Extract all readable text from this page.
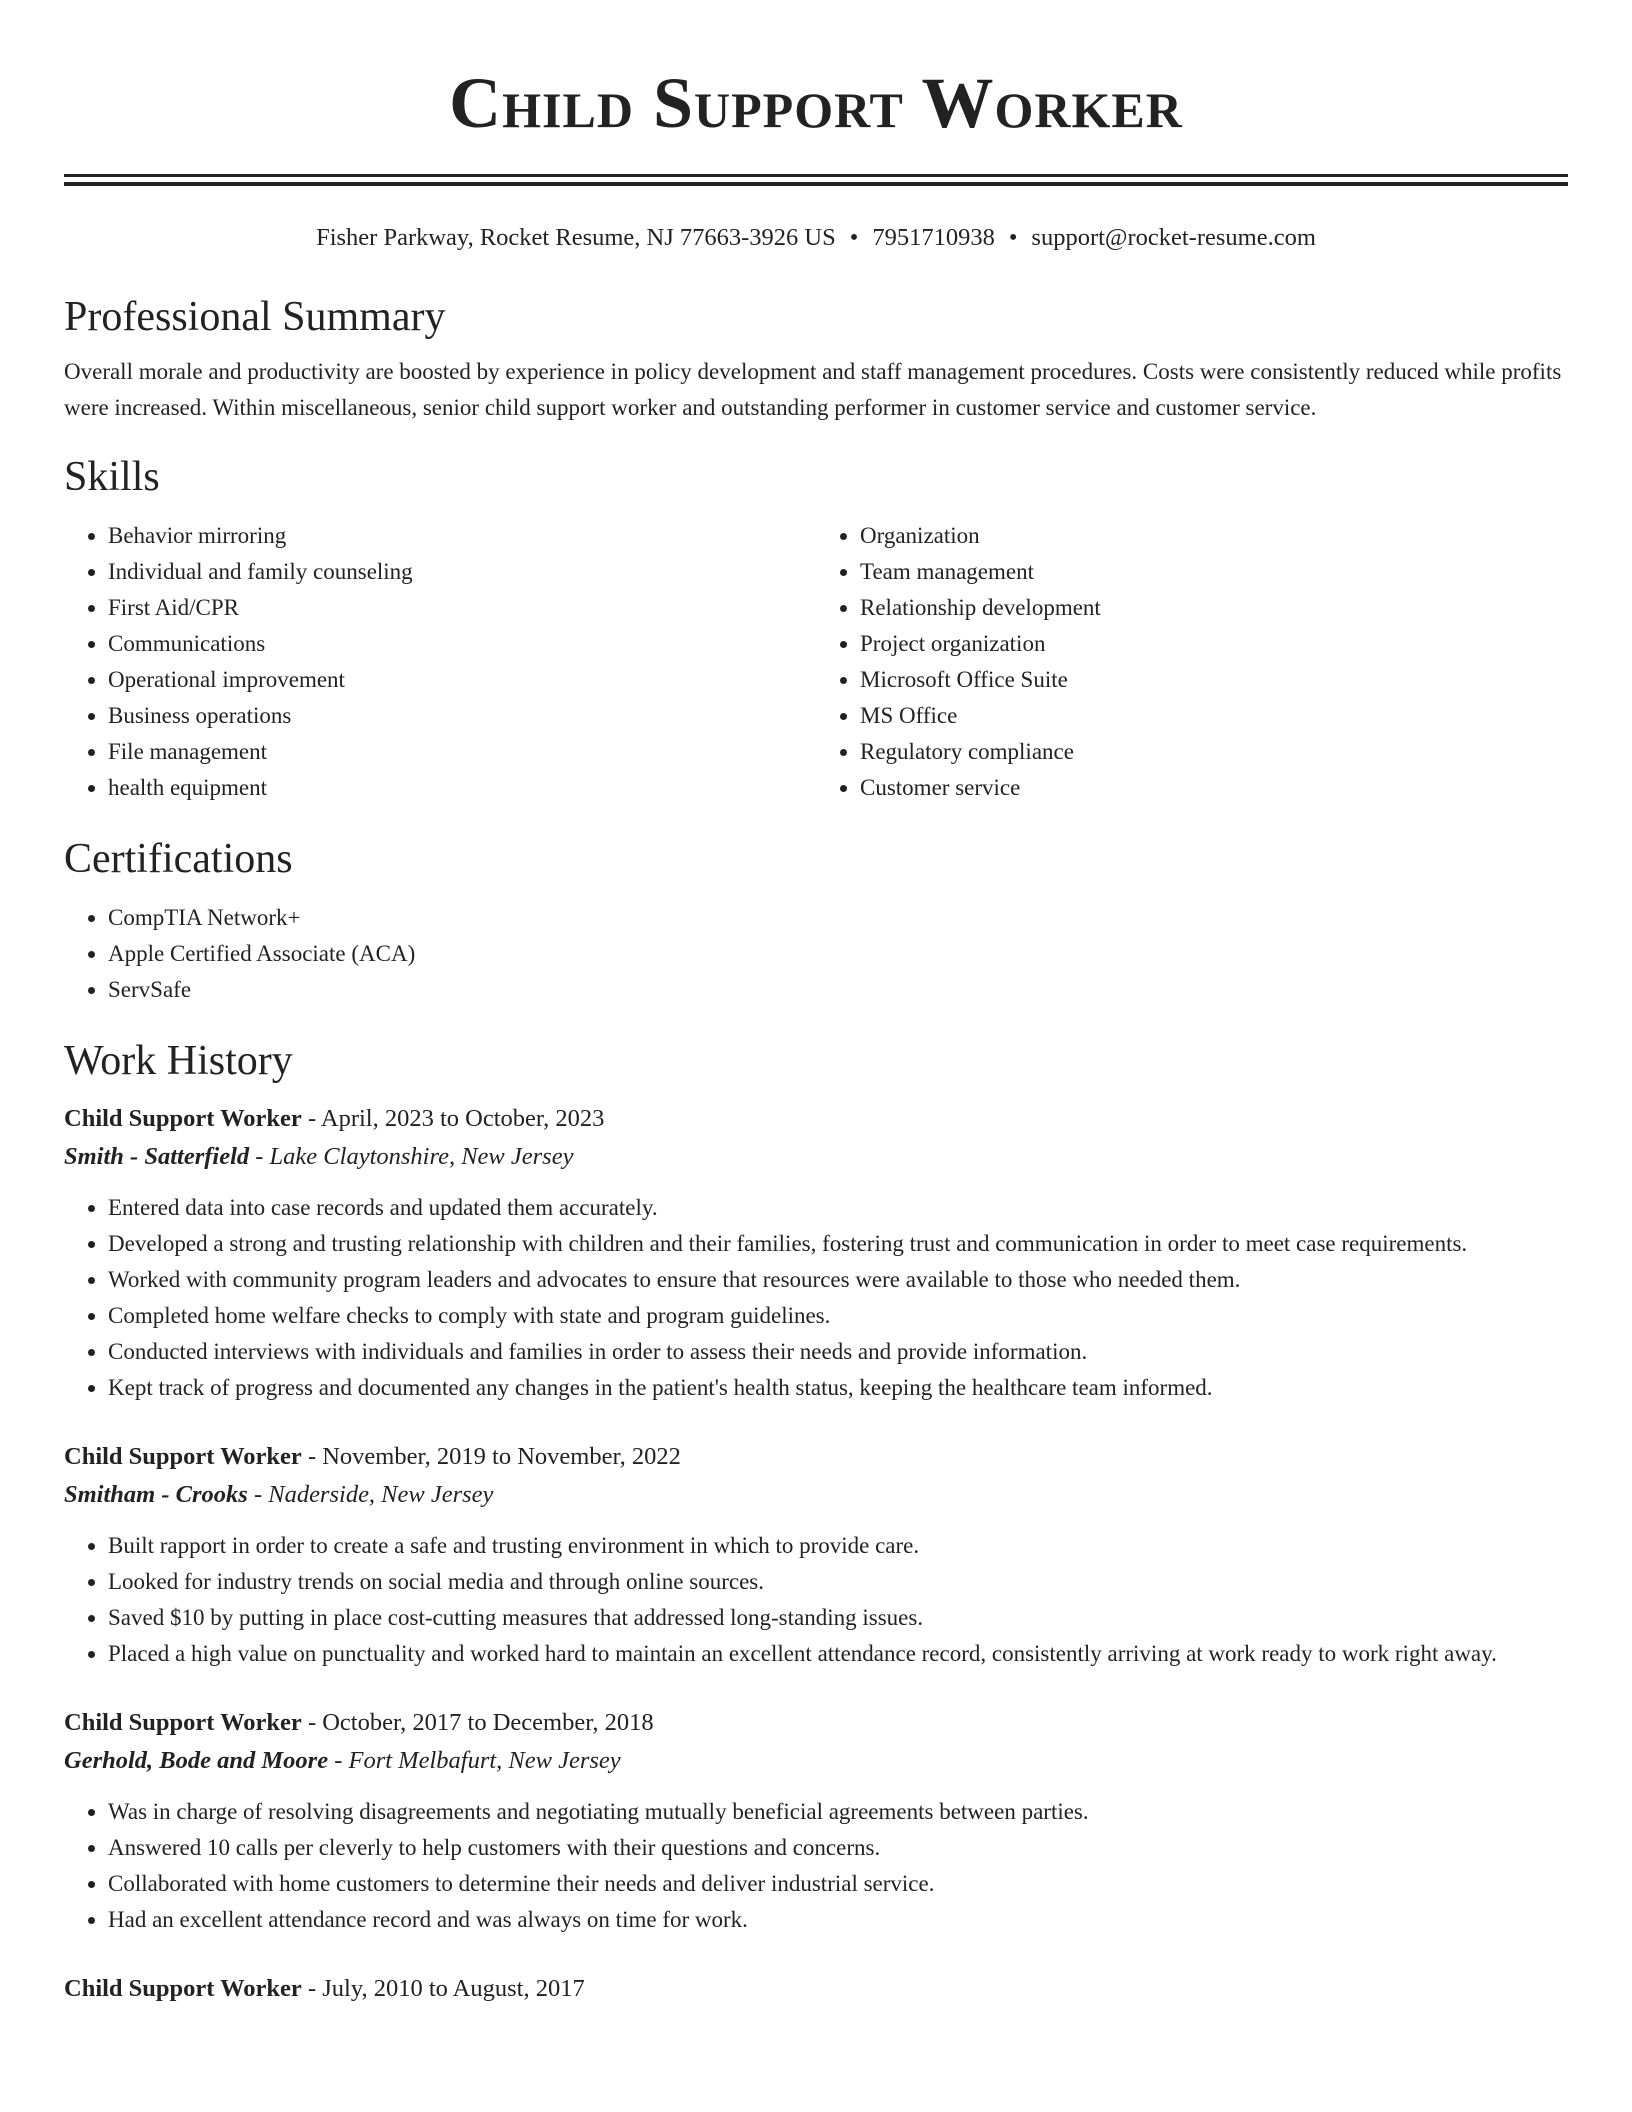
Child Support Worker
Fisher Parkway, Rocket Resume, NJ 77663-3926 US • 7951710938 • support@rocket-resume.com
Professional Summary

Overall morale and productivity are boosted by experience in policy development and staff management procedures. Costs were consistently reduced while profits were increased. Within miscellaneous, senior child support worker and outstanding performer in customer service and customer service.

Skills
• Behavior mirroring
• Individual and family counseling
• First Aid/CPR
• Communications
• Operational improvement
• Business operations
• File management
• health equipment
• Organization
• Team management
• Relationship development
• Project organization
• Microsoft Office Suite
• MS Office
• Regulatory compliance
• Customer service
Certifications
• CompTIA Network+
• Apple Certified Associate (ACA)
• ServSafe
Work History
Child Support Worker - April, 2023 to October, 2023
Smith - Satterfield - Lake Claytonshire, New Jersey
• Entered data into case records and updated them accurately.
• Developed a strong and trusting relationship with children and their families, fostering trust and communication in order to meet case requirements.
• Worked with community program leaders and advocates to ensure that resources were available to those who needed them.
• Completed home welfare checks to comply with state and program guidelines.
• Conducted interviews with individuals and families in order to assess their needs and provide information.
• Kept track of progress and documented any changes in the patient's health status, keeping the healthcare team informed.
Child Support Worker - November, 2019 to November, 2022
Smitham - Crooks - Naderside, New Jersey
• Built rapport in order to create a safe and trusting environment in which to provide care.
• Looked for industry trends on social media and through online sources.
• Saved $10 by putting in place cost-cutting measures that addressed long-standing issues.
• Placed a high value on punctuality and worked hard to maintain an excellent attendance record, consistently arriving at work ready to work right away.
Child Support Worker - October, 2017 to December, 2018
Gerhold, Bode and Moore - Fort Melbafurt, New Jersey
• Was in charge of resolving disagreements and negotiating mutually beneficial agreements between parties.
• Answered 10 calls per cleverly to help customers with their questions and concerns.
• Collaborated with home customers to determine their needs and deliver industrial service.
• Had an excellent attendance record and was always on time for work.
Child Support Worker - July, 2010 to August, 2017
